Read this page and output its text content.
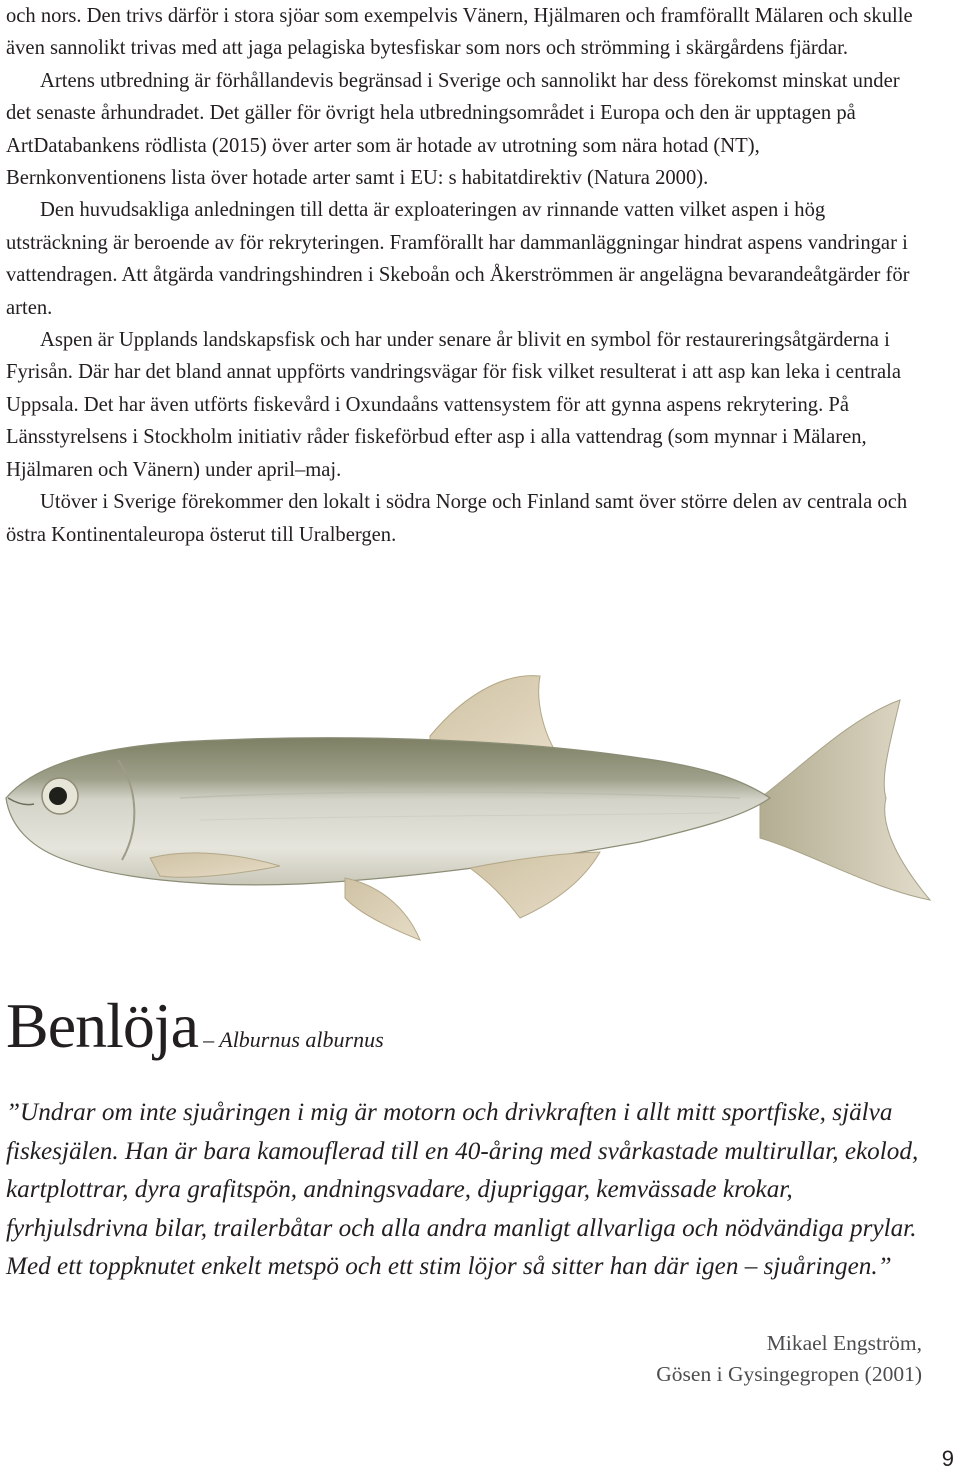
och nors. Den trivs därför i stora sjöar som exempelvis Vänern, Hjälmaren och framförallt Mälaren och skulle även sannolikt trivas med att jaga pelagiska bytesfiskar som nors och strömming i skärgårdens fjärdar.

Artens utbredning är förhållandevis begränsad i Sverige och sannolikt har dess förekomst minskat under det senaste århundradet. Det gäller för övrigt hela utbredningsområdet i Europa och den är upptagen på ArtDatabankens rödlista (2015) över arter som är hotade av utrotning som nära hotad (NT), Bernkonventionens lista över hotade arter samt i EU: s habitatdirektiv (Natura 2000).

Den huvudsakliga anledningen till detta är exploateringen av rinnande vatten vilket aspen i hög utsträckning är beroende av för rekryteringen. Framförallt har dammanläggningar hindrat aspens vandringar i vattendragen. Att åtgärda vandringshindren i Skeboån och Åkerströmmen är angelägna bevarandeåtgärder för arten.

Aspen är Upplands landskapsfisk och har under senare år blivit en symbol för restaureringsåtgärderna i Fyrisån. Där har det bland annat uppförts vandringsvägar för fisk vilket resulterat i att asp kan leka i centrala Uppsala. Det har även utförts fiskevård i Oxundaåns vattensystem för att gynna aspens rekrytering. På Länsstyrelsens i Stockholm initiativ råder fiskeförbud efter asp i alla vattendrag (som mynnar i Mälaren, Hjälmaren och Vänern) under april–maj.

Utöver i Sverige förekommer den lokalt i södra Norge och Finland samt över större delen av centrala och östra Kontinentaleuropa österut till Uralbergen.

Benlöja – Alburnus alburnus

”Undrar om inte sjuåringen i mig är motorn och drivkraften i allt mitt sportfiske, själva fiskesjälen. Han är bara kamouflerad till en 40-åring med svårkastade multirullar, ekolod, kartplottrar, dyra grafitspön, andningsvadare, djupriggar, kemvässade krokar, fyrhjulsdrivna bilar, trailerbåtar och alla andra manligt allvarliga och nödvändiga prylar. Med ett toppknutet enkelt metspö och ett stim löjor så sitter han där igen – sjuåringen.”

Mikael Engström,
Gösen i Gysingegropen (2001)
9
